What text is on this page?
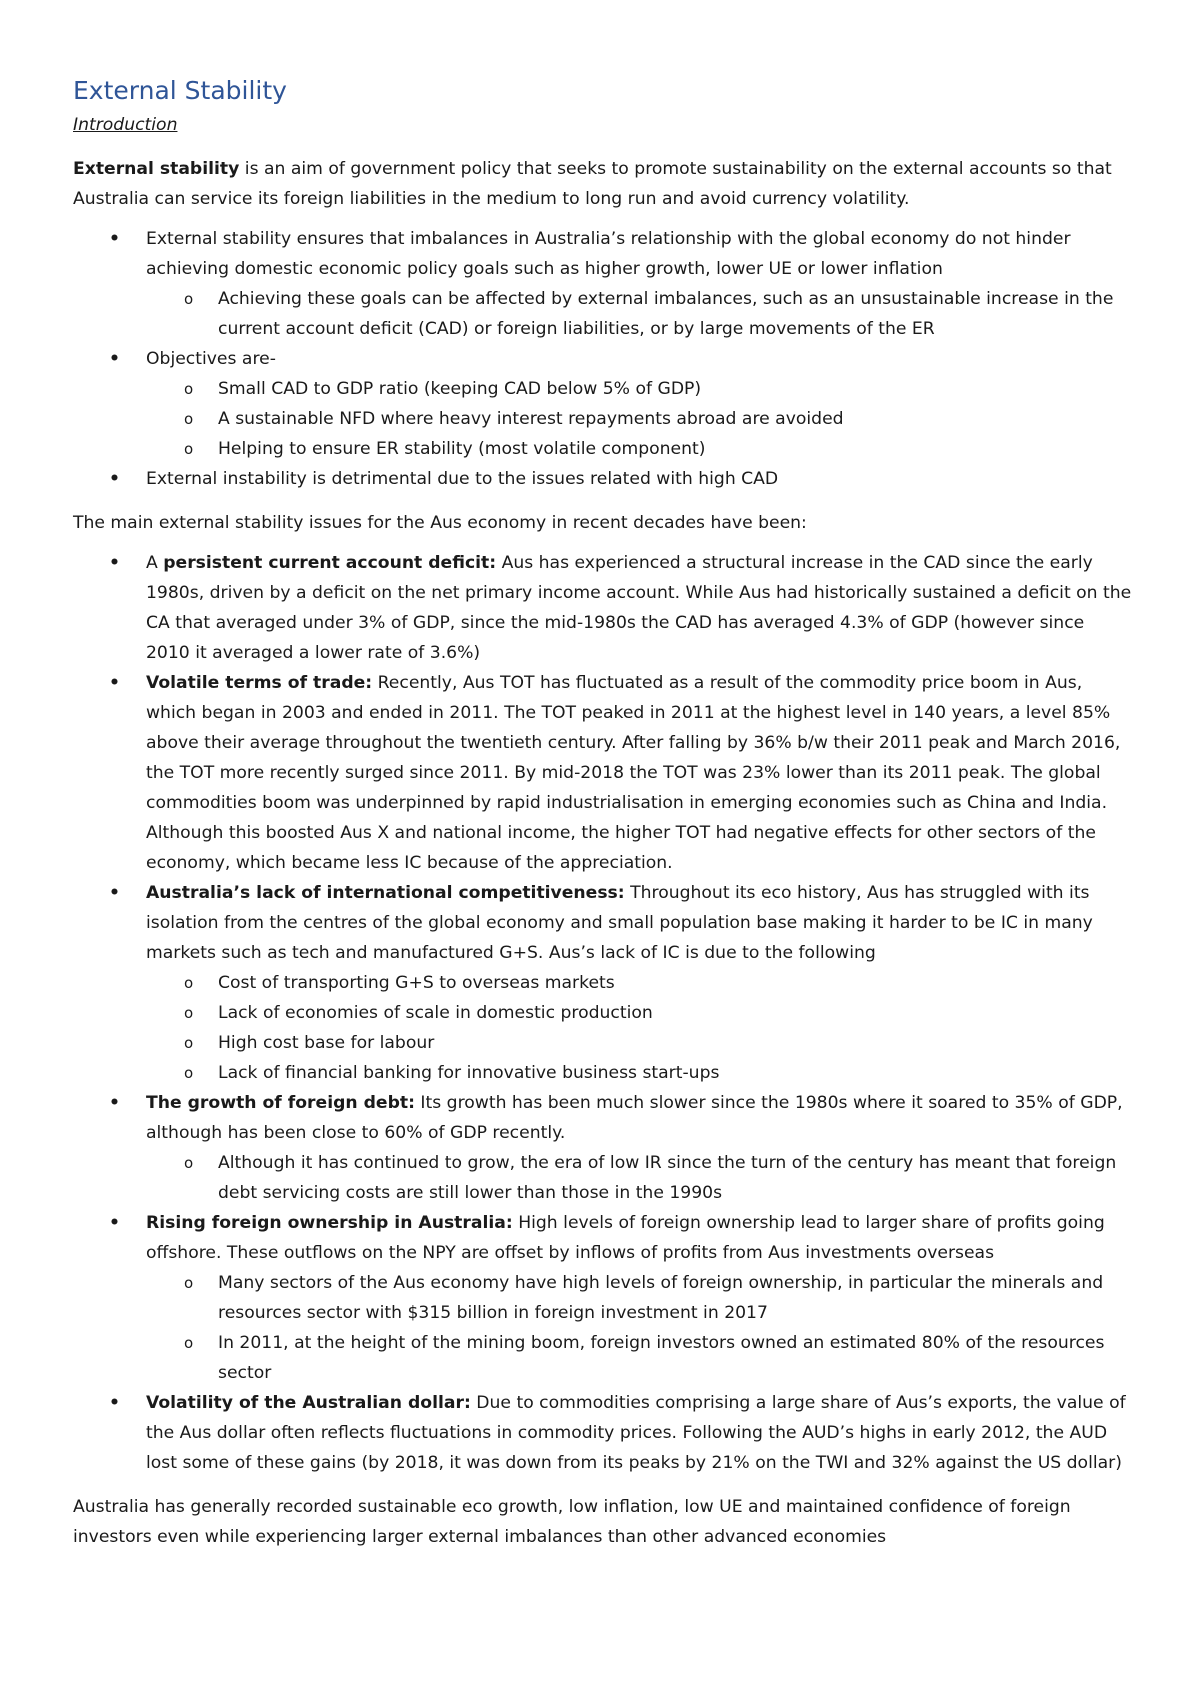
External Stability
Introduction

External stability is an aim of government policy that seeks to promote sustainability on the external accounts so that Australia can service its foreign liabilities in the medium to long run and avoid currency volatility.

• External stability ensures that imbalances in Australia’s relationship with the global economy do not hinder achieving domestic economic policy goals such as higher growth, lower UE or lower inflation
o Achieving these goals can be affected by external imbalances, such as an unsustainable increase in the current account deficit (CAD) or foreign liabilities, or by large movements of the ER
• Objectives are-
o Small CAD to GDP ratio (keeping CAD below 5% of GDP)
o A sustainable NFD where heavy interest repayments abroad are avoided
o Helping to ensure ER stability (most volatile component)
• External instability is detrimental due to the issues related with high CAD

The main external stability issues for the Aus economy in recent decades have been:

• A persistent current account deficit: Aus has experienced a structural increase in the CAD since the early 1980s, driven by a deficit on the net primary income account. While Aus had historically sustained a deficit on the CA that averaged under 3% of GDP, since the mid-1980s the CAD has averaged 4.3% of GDP (however since 2010 it averaged a lower rate of 3.6%)
• Volatile terms of trade: Recently, Aus TOT has fluctuated as a result of the commodity price boom in Aus, which began in 2003 and ended in 2011. The TOT peaked in 2011 at the highest level in 140 years, a level 85% above their average throughout the twentieth century. After falling by 36% b/w their 2011 peak and March 2016, the TOT more recently surged since 2011. By mid-2018 the TOT was 23% lower than its 2011 peak. The global commodities boom was underpinned by rapid industrialisation in emerging economies such as China and India. Although this boosted Aus X and national income, the higher TOT had negative effects for other sectors of the economy, which became less IC because of the appreciation.
• Australia’s lack of international competitiveness: Throughout its eco history, Aus has struggled with its isolation from the centres of the global economy and small population base making it harder to be IC in many markets such as tech and manufactured G+S. Aus’s lack of IC is due to the following
o Cost of transporting G+S to overseas markets
o Lack of economies of scale in domestic production
o High cost base for labour
o Lack of financial banking for innovative business start-ups
• The growth of foreign debt: Its growth has been much slower since the 1980s where it soared to 35% of GDP, although has been close to 60% of GDP recently.
o Although it has continued to grow, the era of low IR since the turn of the century has meant that foreign debt servicing costs are still lower than those in the 1990s
• Rising foreign ownership in Australia: High levels of foreign ownership lead to larger share of profits going offshore. These outflows on the NPY are offset by inflows of profits from Aus investments overseas
o Many sectors of the Aus economy have high levels of foreign ownership, in particular the minerals and resources sector with $315 billion in foreign investment in 2017
o In 2011, at the height of the mining boom, foreign investors owned an estimated 80% of the resources sector
• Volatility of the Australian dollar: Due to commodities comprising a large share of Aus’s exports, the value of the Aus dollar often reflects fluctuations in commodity prices. Following the AUD’s highs in early 2012, the AUD lost some of these gains (by 2018, it was down from its peaks by 21% on the TWI and 32% against the US dollar)

Australia has generally recorded sustainable eco growth, low inflation, low UE and maintained confidence of foreign investors even while experiencing larger external imbalances than other advanced economies
